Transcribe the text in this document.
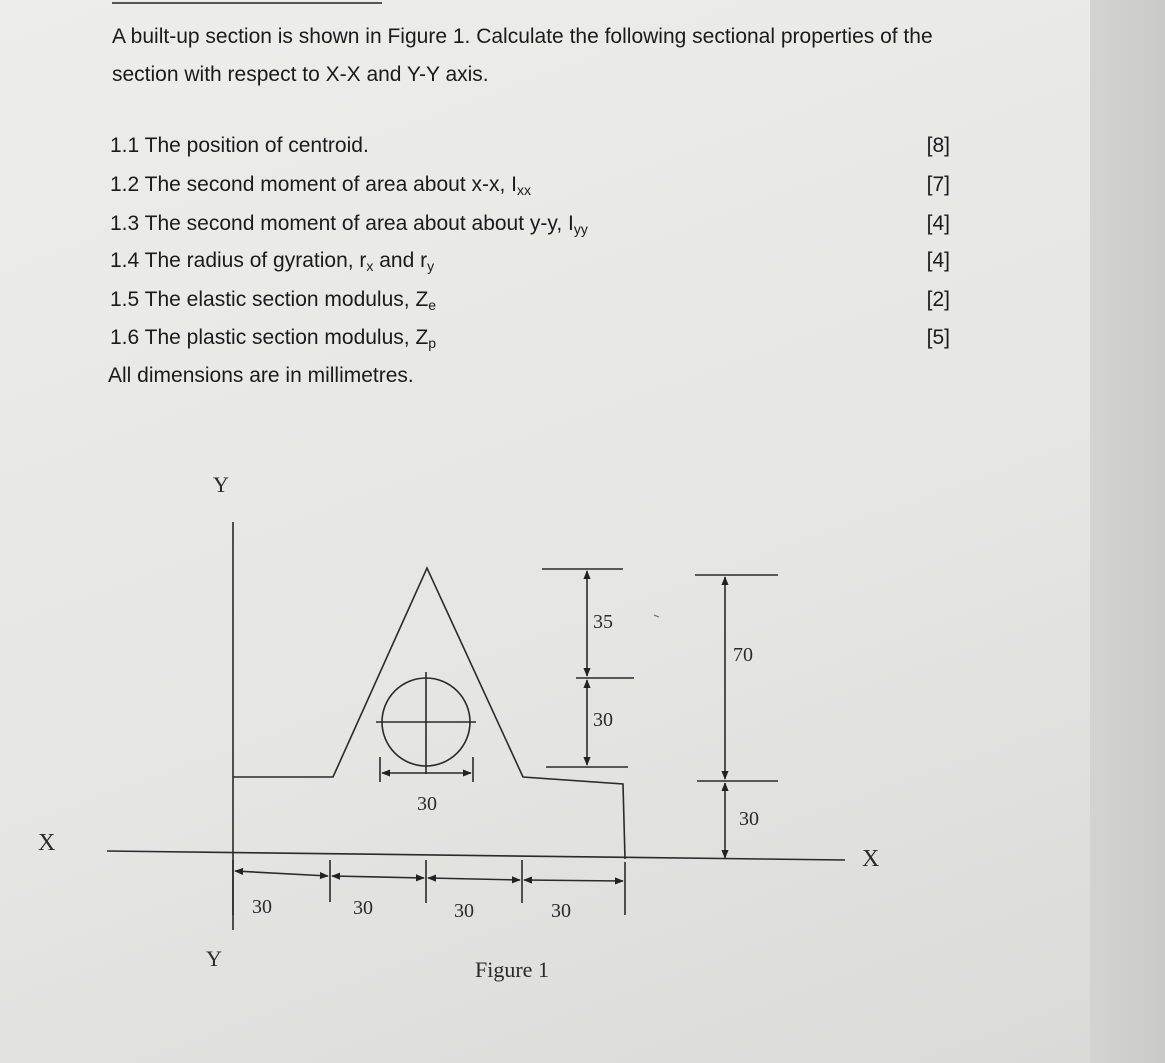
A built-up section is shown in Figure 1. Calculate the following sectional properties of the section with respect to X-X and Y-Y axis.
1.1 The position of centroid.	[8]
1.2 The second moment of area about x-x, $I_{xx}$	[7]
1.3 The second moment of area about about y-y, $I_{yy}$	[4]
1.4 The radius of gyration, $r_x$ and $r_y$	[4]
1.5 The elastic section modulus, $Z_e$	[2]
1.6 The plastic section modulus, $Z_p$	[5]
All dimensions are in millimetres.
Y
Y
X
X
35
30
70
30
30
30	30	30	30
Figure 1
